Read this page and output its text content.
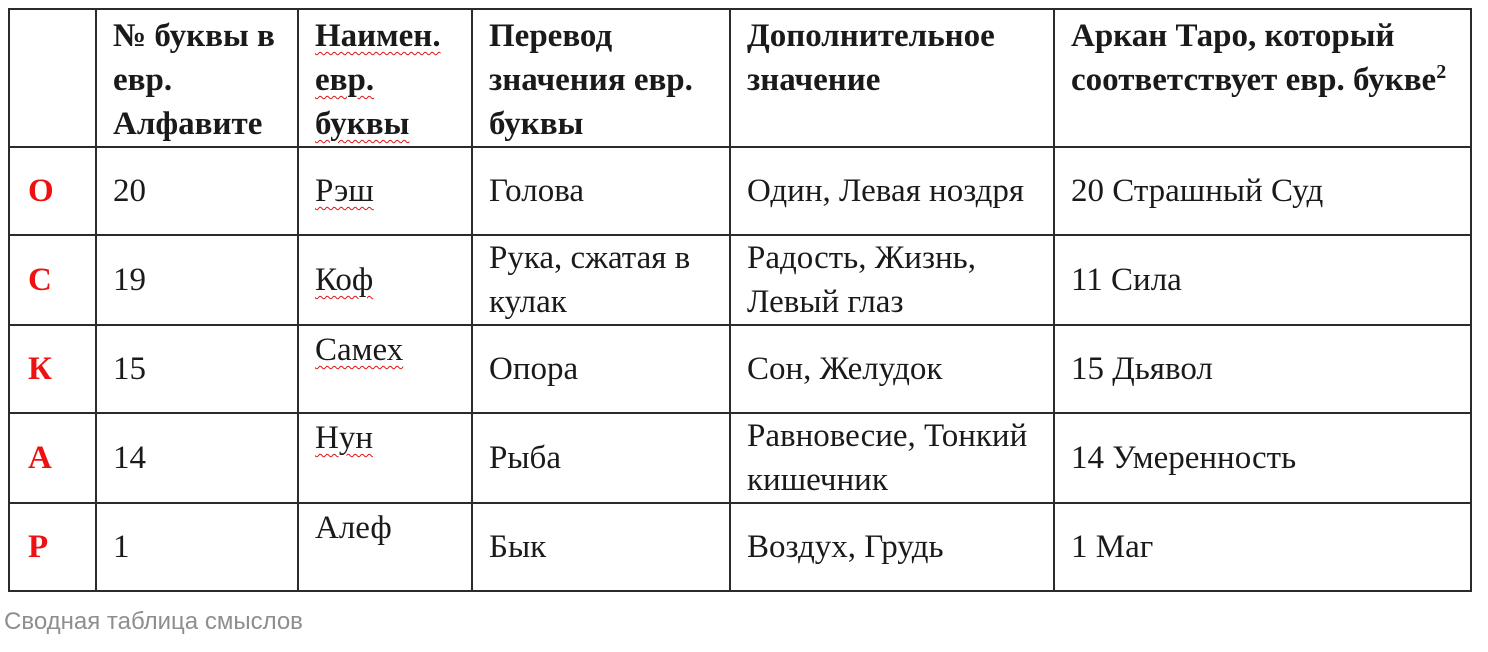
	№ буквы в евр. Алфавите	Наимен. евр. буквы	Перевод значения евр. буквы	Дополнительное значение	Аркан Таро, который соответствует евр. букве$^2$
О	20	Рэш	Голова	Один, Левая ноздря	20 Страшный Суд
С	19	Коф	Рука, сжатая в кулак	Радость, Жизнь, Левый глаз	11 Сила
К	15	Самех	Опора	Сон, Желудок	15 Дьявол
А	14	Нун	Рыба	Равновесие, Тонкий кишечник	14 Умеренность
Р	1	Алеф	Бык	Воздух, Грудь	1 Маг
Сводная таблица смыслов
